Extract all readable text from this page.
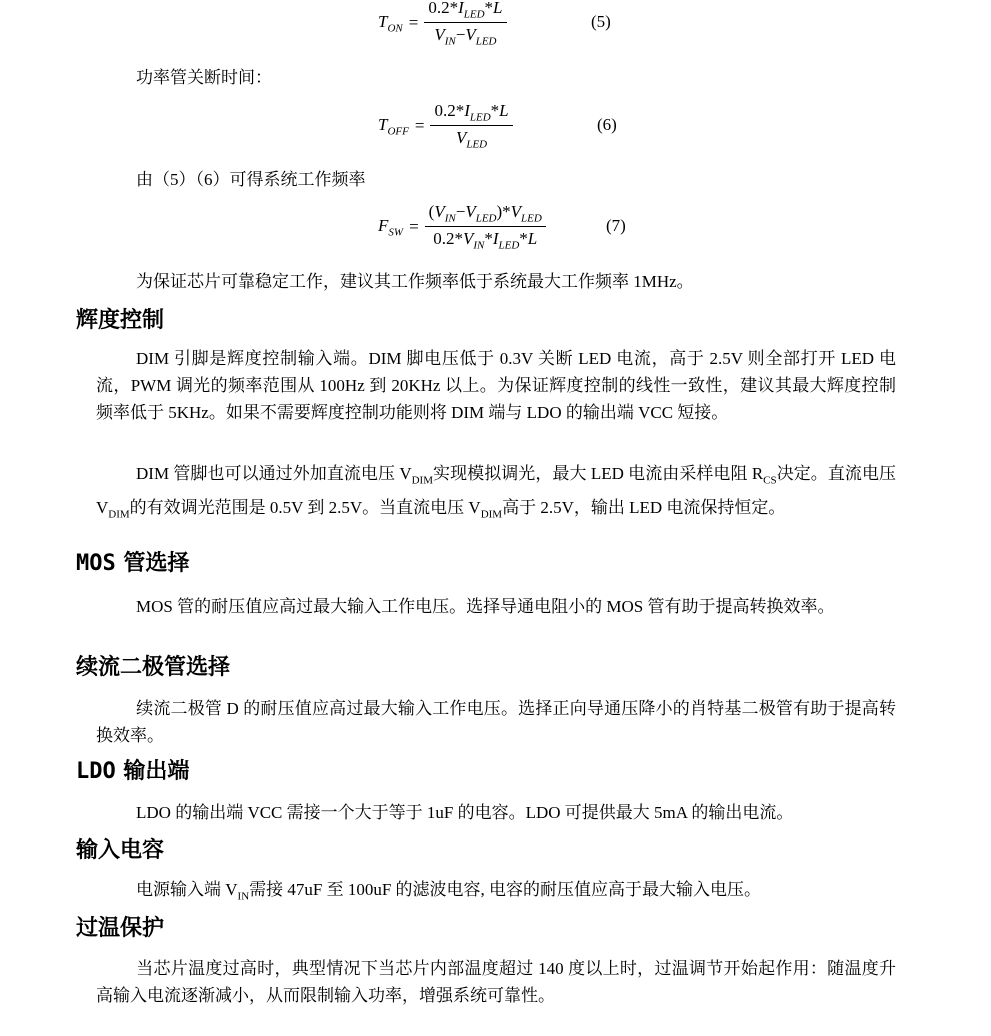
$T_{ON} = \frac{0.2*I_{LED}*L}{V_{IN}-V_{LED}}$	(5)
功率管关断时间：
$T_{OFF} = \frac{0.2*I_{LED}*L}{V_{LED}}$	(6)
由（5）（6）可得系统工作频率
$F_{SW} = \frac{(V_{IN}-V_{LED})*V_{LED}}{0.2*V_{IN}*I_{LED}*L}$	(7)
为保证芯片可靠稳定工作，建议其工作频率低于系统最大工作频率 1MHz。
辉度控制
DIM 引脚是辉度控制输入端。DIM 脚电压低于 0.3V 关断 LED 电流，高于 2.5V 则全部打开 LED 电流，PWM 调光的频率范围从 100Hz 到 20KHz 以上。为保证辉度控制的线性一致性，建议其最大辉度控制频率低于 5KHz。如果不需要辉度控制功能则将 DIM 端与 LDO 的输出端 VCC 短接。
DIM 管脚也可以通过外加直流电压 $V_{DIM}$实现模拟调光，最大 LED 电流由采样电阻 $R_{CS}$决定。直流电压 $V_{DIM}$的有效调光范围是 0.5V 到 2.5V。当直流电压 $V_{DIM}$高于 2.5V，输出 LED 电流保持恒定。
MOS 管选择
MOS 管的耐压值应高过最大输入工作电压。选择导通电阻小的 MOS 管有助于提高转换效率。
续流二极管选择
续流二极管 D 的耐压值应高过最大输入工作电压。选择正向导通压降小的肖特基二极管有助于提高转换效率。
LDO 输出端
LDO 的输出端 VCC 需接一个大于等于 1uF 的电容。LDO 可提供最大 5mA 的输出电流。
输入电容
电源输入端 $V_{IN}$需接 47uF 至 100uF 的滤波电容, 电容的耐压值应高于最大输入电压。
过温保护
当芯片温度过高时，典型情况下当芯片内部温度超过 140 度以上时，过温调节开始起作用：随温度升高输入电流逐渐减小，从而限制输入功率，增强系统可靠性。
